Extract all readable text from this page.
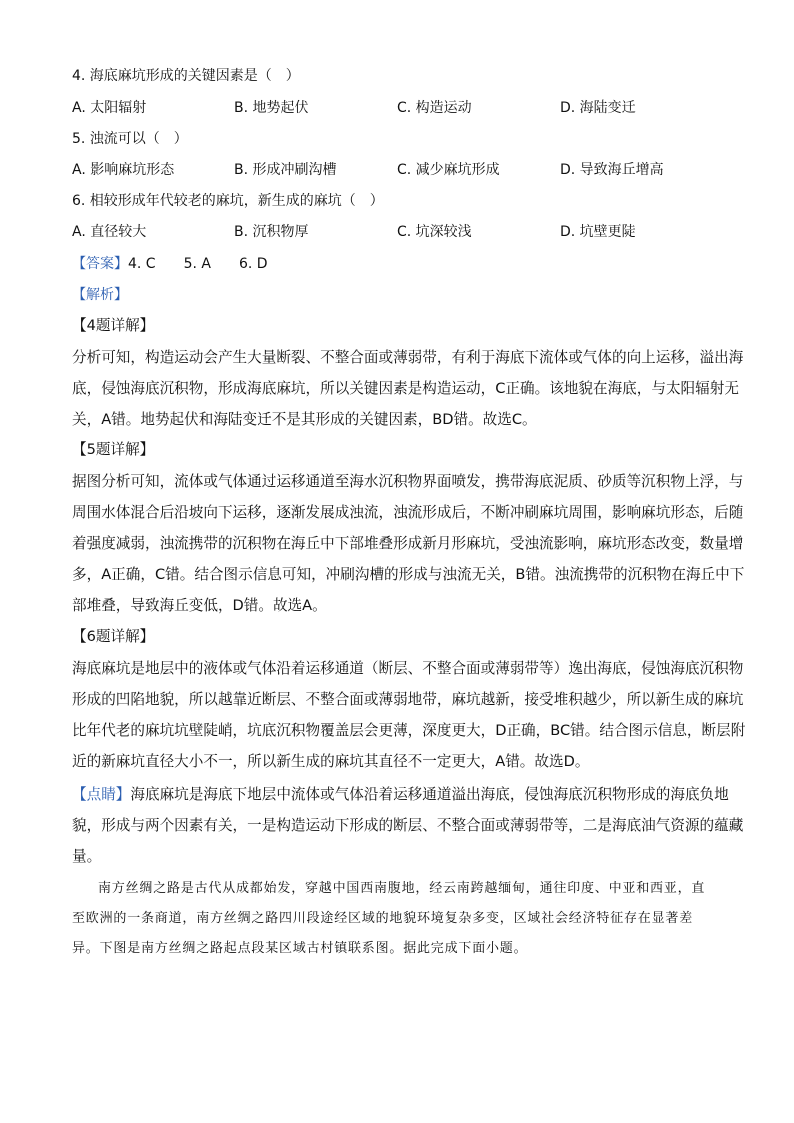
4. 海底麻坑形成的关键因素是（　）
A. 太阳辐射	B. 地势起伏	C. 构造运动	D. 海陆变迁
5. 浊流可以（　）
A. 影响麻坑形态	B. 形成冲刷沟槽	C. 减少麻坑形成	D. 导致海丘增高
6. 相较形成年代较老的麻坑，新生成的麻坑（　）
A. 直径较大	B. 沉积物厚	C. 坑深较浅	D. 坑壁更陡
【答案】4. C　　5. A　　6. D
【解析】
【4题详解】
分析可知，构造运动会产生大量断裂、不整合面或薄弱带，有利于海底下流体或气体的向上运移，溢出海
底，侵蚀海底沉积物，形成海底麻坑，所以关键因素是构造运动，C正确。该地貌在海底，与太阳辐射无
关，A错。地势起伏和海陆变迁不是其形成的关键因素，BD错。故选C。
【5题详解】
据图分析可知，流体或气体通过运移通道至海水沉积物界面喷发，携带海底泥质、砂质等沉积物上浮，与
周围水体混合后沿坡向下运移，逐渐发展成浊流，浊流形成后，不断冲刷麻坑周围，影响麻坑形态，后随
着强度减弱，浊流携带的沉积物在海丘中下部堆叠形成新月形麻坑，受浊流影响，麻坑形态改变，数量增
多，A正确，C错。结合图示信息可知，冲刷沟槽的形成与浊流无关，B错。浊流携带的沉积物在海丘中下
部堆叠，导致海丘变低，D错。故选A。
【6题详解】
海底麻坑是地层中的液体或气体沿着运移通道（断层、不整合面或薄弱带等）逸出海底，侵蚀海底沉积物
形成的凹陷地貌，所以越靠近断层、不整合面或薄弱地带，麻坑越新，接受堆积越少，所以新生成的麻坑
比年代老的麻坑坑壁陡峭，坑底沉积物覆盖层会更薄，深度更大，D正确，BC错。结合图示信息，断层附
近的新麻坑直径大小不一，所以新生成的麻坑其直径不一定更大，A错。故选D。
【点睛】海底麻坑是海底下地层中流体或气体沿着运移通道溢出海底，侵蚀海底沉积物形成的海底负地
貌，形成与两个因素有关，一是构造运动下形成的断层、不整合面或薄弱带等，二是海底油气资源的蕴藏
量。
南方丝绸之路是古代从成都始发，穿越中国西南腹地，经云南跨越缅甸，通往印度、中亚和西亚，直
至欧洲的一条商道，南方丝绸之路四川段途经区域的地貌环境复杂多变，区域社会经济特征存在显著差
异。下图是南方丝绸之路起点段某区域古村镇联系图。据此完成下面小题。
